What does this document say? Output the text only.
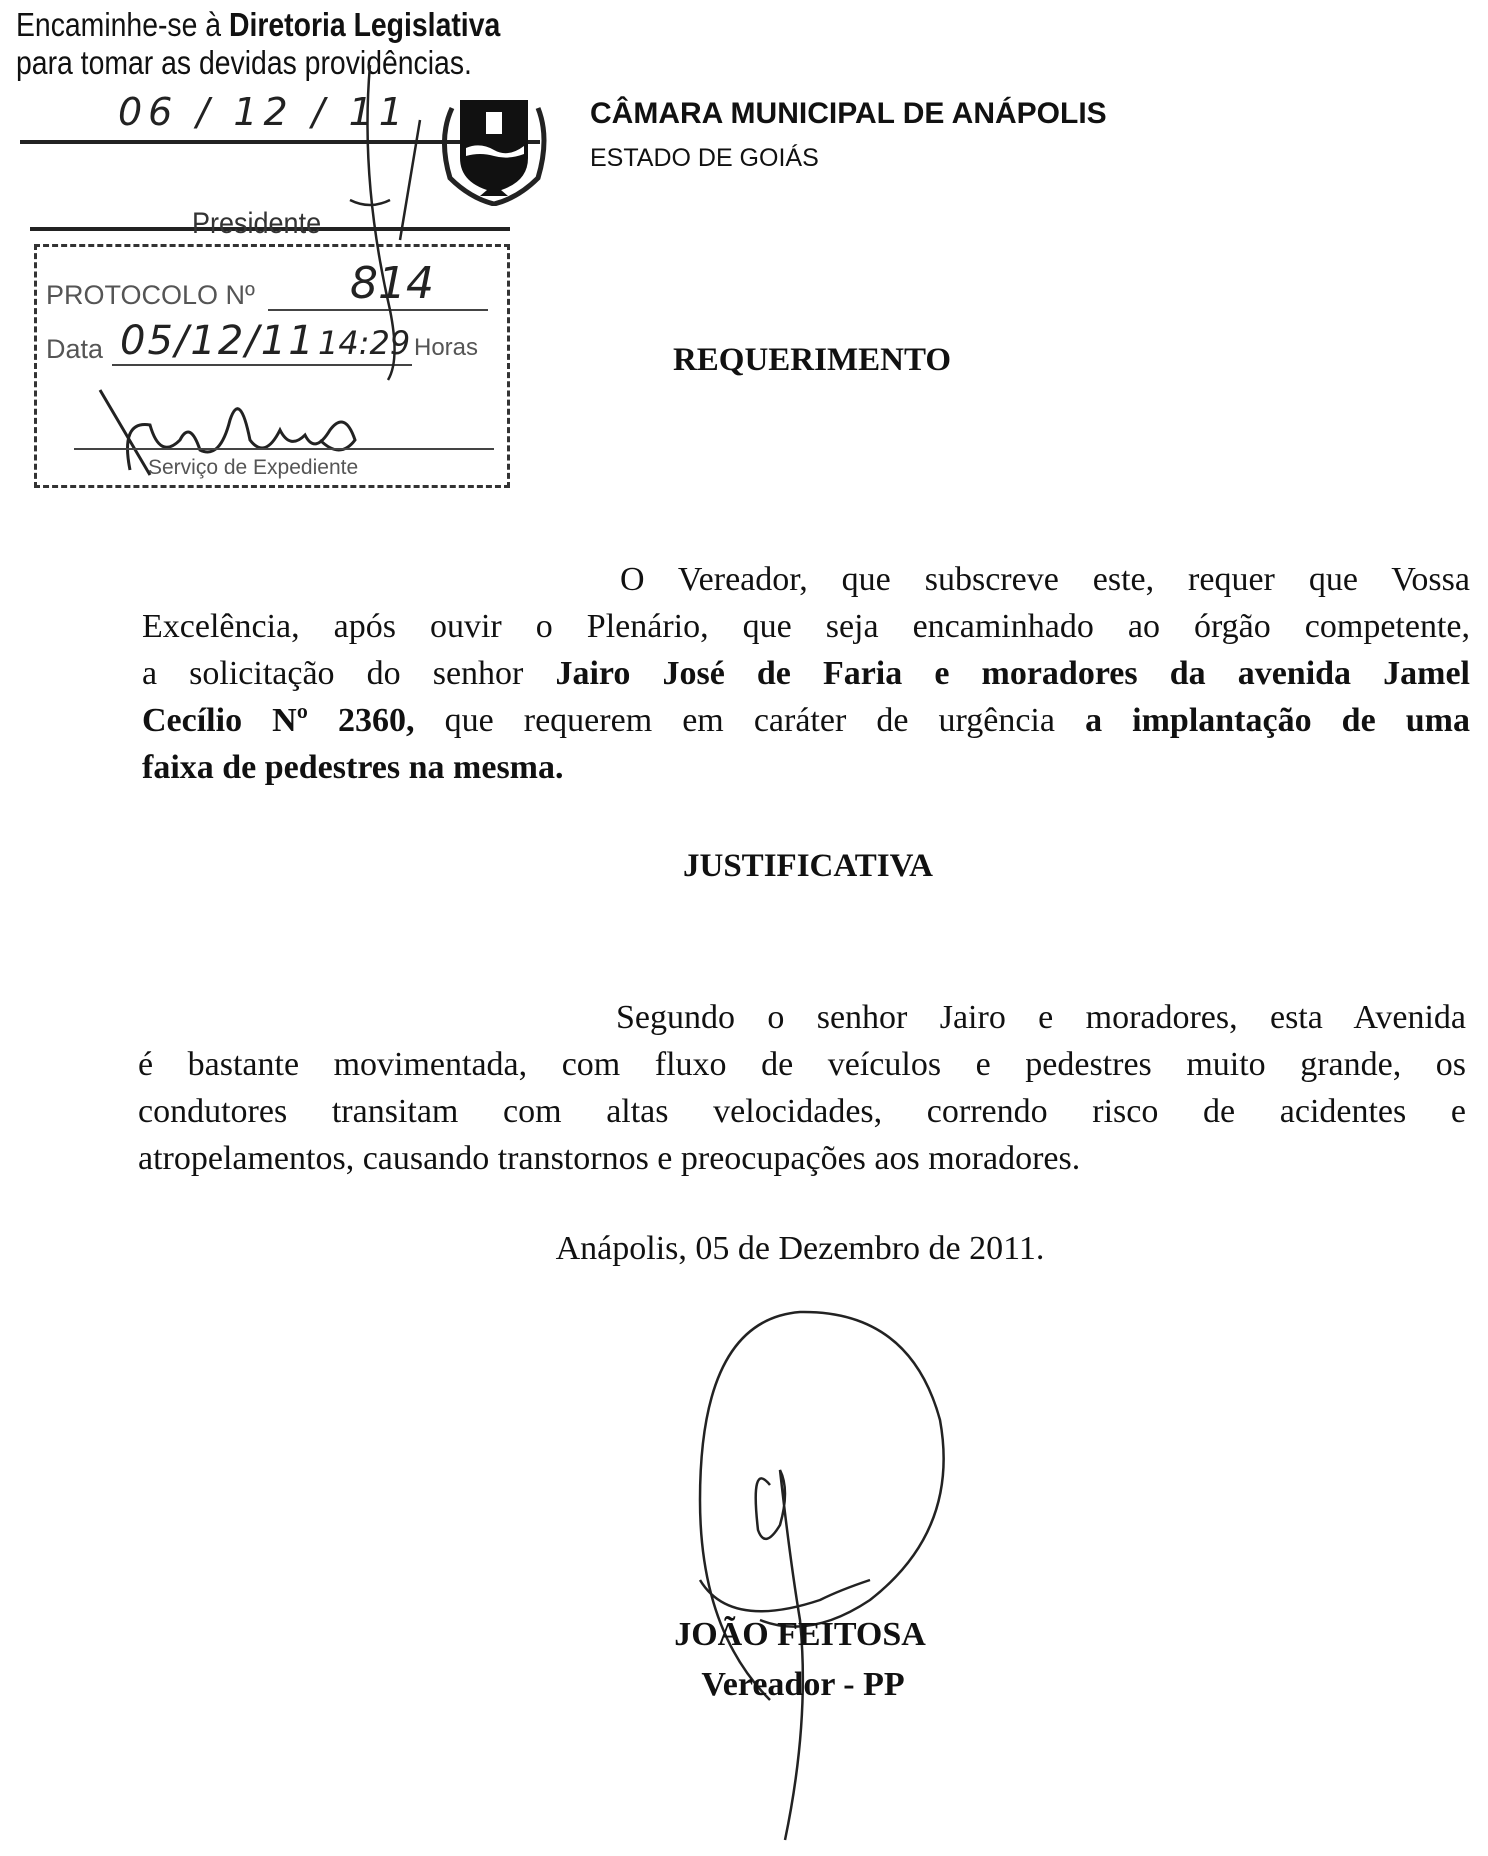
Encaminhe-se à Diretoria Legislativa
para tomar as devidas providências.
06 / 12 / 11
Presidente
CÂMARA MUNICIPAL DE ANÁPOLIS
ESTADO DE GOIÁS
PROTOCOLO Nº 814
Data 05/12/11 14:29 Horas
Serviço de Expediente
REQUERIMENTO
O Vereador, que subscreve este, requer que Vossa
Excelência, após ouvir o Plenário, que seja encaminhado ao órgão competente,
a solicitação do senhor Jairo José de Faria e moradores da avenida Jamel
Cecílio Nº 2360, que requerem em caráter de urgência a implantação de uma
faixa de pedestres na mesma.
JUSTIFICATIVA
Segundo o senhor Jairo e moradores, esta Avenida
é bastante movimentada, com fluxo de veículos e pedestres muito grande, os
condutores transitam com altas velocidades, correndo risco de acidentes e
atropelamentos, causando transtornos e preocupações aos moradores.
Anápolis, 05 de Dezembro de 2011.
JOÃO FEITOSA
Vereador - PP
